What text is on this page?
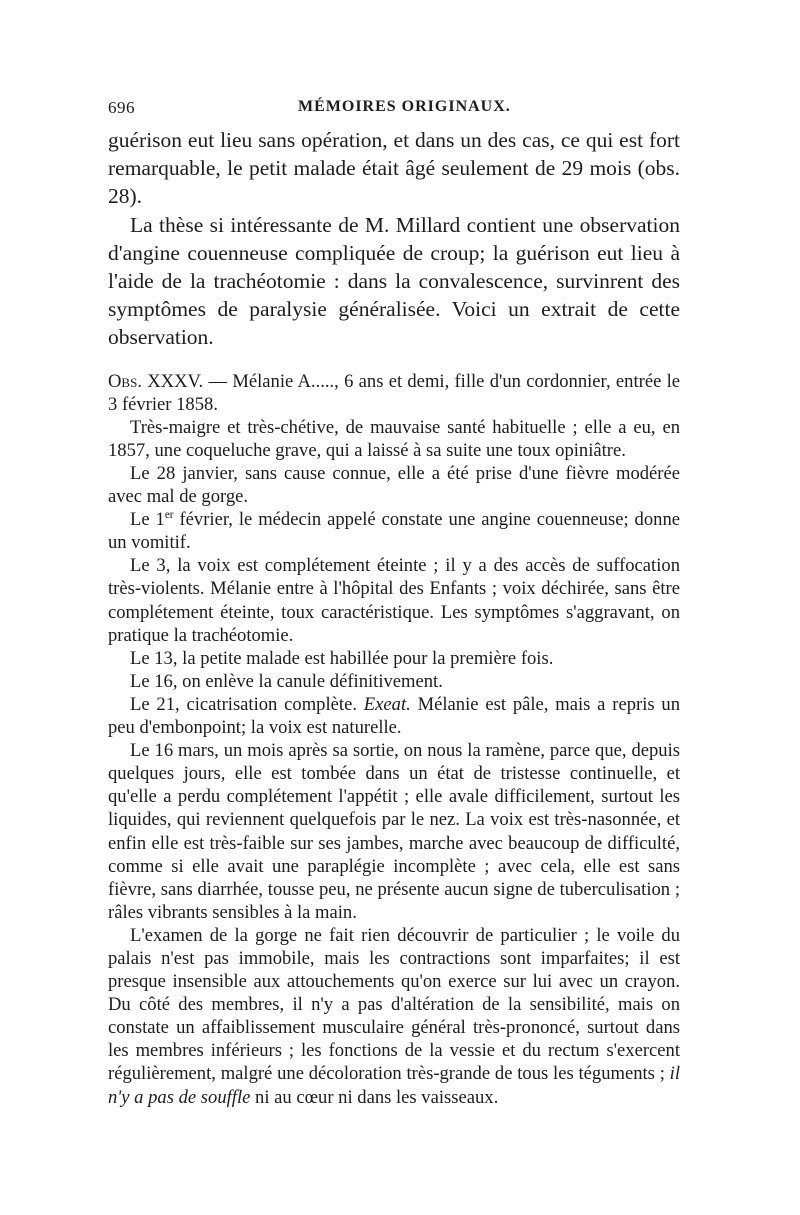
696	MÉMOIRES ORIGINAUX.

guérison eut lieu sans opération, et dans un des cas, ce qui est fort remarquable, le petit malade était âgé seulement de 29 mois (obs. 28).

La thèse si intéressante de M. Millard contient une observation d'angine couenneuse compliquée de croup; la guérison eut lieu à l'aide de la trachéotomie : dans la convalescence, survinrent des symptômes de paralysie généralisée. Voici un extrait de cette observation.

Obs. XXXV. — Mélanie A....., 6 ans et demi, fille d'un cordonnier, entrée le 3 février 1858.

Très-maigre et très-chétive, de mauvaise santé habituelle ; elle a eu, en 1857, une coqueluche grave, qui a laissé à sa suite une toux opiniâtre.

Le 28 janvier, sans cause connue, elle a été prise d'une fièvre modérée avec mal de gorge.

Le 1er février, le médecin appelé constate une angine couenneuse; donne un vomitif.

Le 3, la voix est complétement éteinte ; il y a des accès de suffocation très-violents. Mélanie entre à l'hôpital des Enfants ; voix déchirée, sans être complétement éteinte, toux caractéristique. Les symptômes s'aggravant, on pratique la trachéotomie.

Le 13, la petite malade est habillée pour la première fois.

Le 16, on enlève la canule définitivement.

Le 21, cicatrisation complète. Exeat. Mélanie est pâle, mais a repris un peu d'embonpoint; la voix est naturelle.

Le 16 mars, un mois après sa sortie, on nous la ramène, parce que, depuis quelques jours, elle est tombée dans un état de tristesse continuelle, et qu'elle a perdu complétement l'appétit ; elle avale difficilement, surtout les liquides, qui reviennent quelquefois par le nez. La voix est très-nasonnée, et enfin elle est très-faible sur ses jambes, marche avec beaucoup de difficulté, comme si elle avait une paraplégie incomplète ; avec cela, elle est sans fièvre, sans diarrhée, tousse peu, ne présente aucun signe de tuberculisation ; râles vibrants sensibles à la main.

L'examen de la gorge ne fait rien découvrir de particulier ; le voile du palais n'est pas immobile, mais les contractions sont imparfaites; il est presque insensible aux attouchements qu'on exerce sur lui avec un crayon. Du côté des membres, il n'y a pas d'altération de la sensibilité, mais on constate un affaiblissement musculaire général très-prononcé, surtout dans les membres inférieurs ; les fonctions de la vessie et du rectum s'exercent régulièrement, malgré une décoloration très-grande de tous les téguments ; il n'y a pas de souffle ni au cœur ni dans les vaisseaux.
